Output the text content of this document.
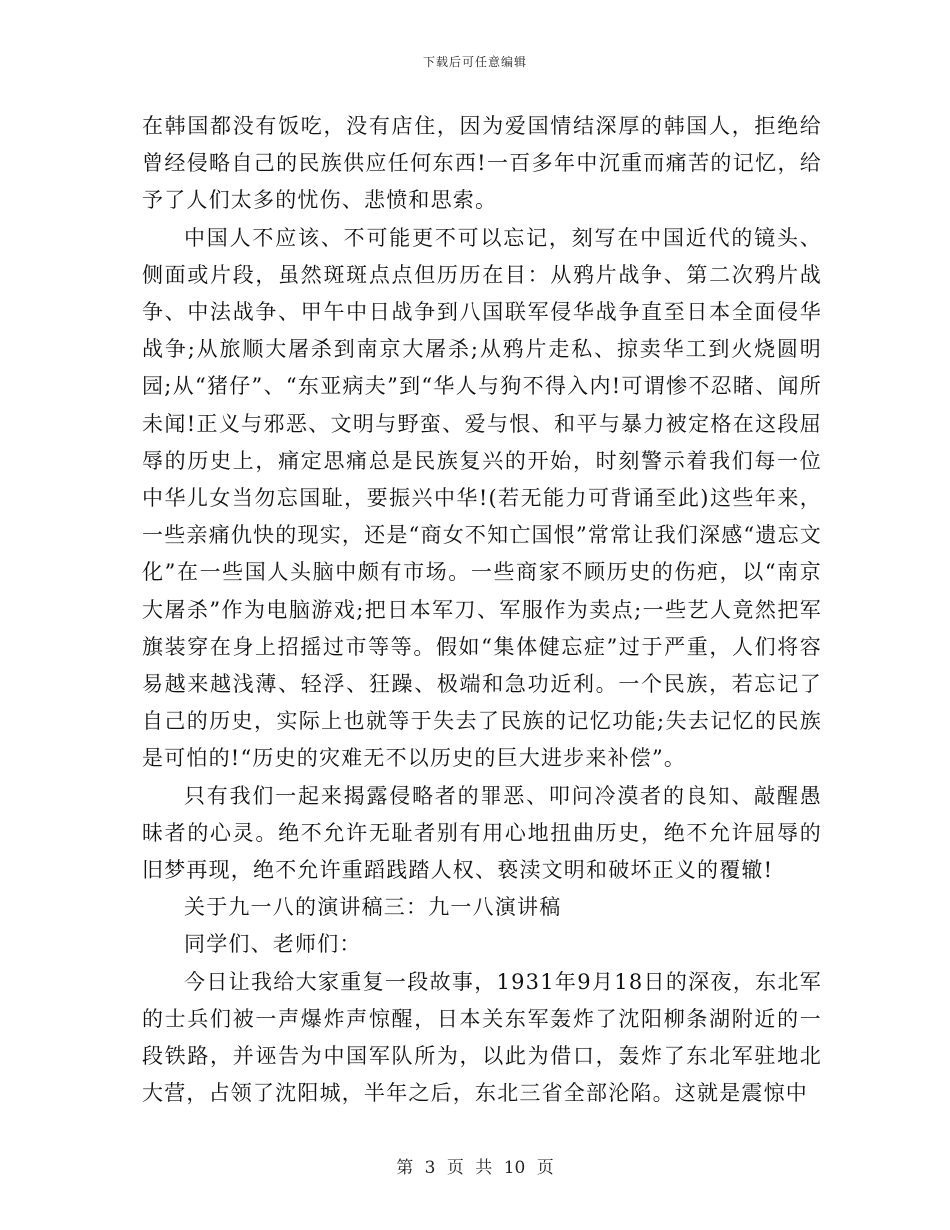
下载后可任意编辑

在韩国都没有饭吃，没有店住，因为爱国情结深厚的韩国人，拒绝给曾经侵略自己的民族供应任何东西!一百多年中沉重而痛苦的记忆，给予了人们太多的忧伤、悲愤和思索。

中国人不应该、不可能更不可以忘记，刻写在中国近代的镜头、侧面或片段，虽然斑斑点点但历历在目：从鸦片战争、第二次鸦片战争、中法战争、甲午中日战争到八国联军侵华战争直至日本全面侵华战争;从旅顺大屠杀到南京大屠杀;从鸦片走私、掠卖华工到火烧圆明园;从“猪仔”、“东亚病夫”到“华人与狗不得入内!可谓惨不忍睹、闻所未闻!正义与邪恶、文明与野蛮、爱与恨、和平与暴力被定格在这段屈辱的历史上，痛定思痛总是民族复兴的开始，时刻警示着我们每一位中华儿女当勿忘国耻，要振兴中华!(若无能力可背诵至此)这些年来，一些亲痛仇快的现实，还是“商女不知亡国恨”常常让我们深感“遗忘文化”在一些国人头脑中颇有市场。一些商家不顾历史的伤疤，以“南京大屠杀”作为电脑游戏;把日本军刀、军服作为卖点;一些艺人竟然把军旗装穿在身上招摇过市等等。假如“集体健忘症”过于严重，人们将容易越来越浅薄、轻浮、狂躁、极端和急功近利。一个民族，若忘记了自己的历史，实际上也就等于失去了民族的记忆功能;失去记忆的民族是可怕的!“历史的灾难无不以历史的巨大进步来补偿”。

只有我们一起来揭露侵略者的罪恶、叩问冷漠者的良知、敲醒愚昧者的心灵。绝不允许无耻者别有用心地扭曲历史，绝不允许屈辱的旧梦再现，绝不允许重蹈践踏人权、亵渎文明和破坏正义的覆辙!

关于九一八的演讲稿三：九一八演讲稿

同学们、老师们：

今日让我给大家重复一段故事，1931年9月18日的深夜，东北军的士兵们被一声爆炸声惊醒，日本关东军轰炸了沈阳柳条湖附近的一段铁路，并诬告为中国军队所为，以此为借口，轰炸了东北军驻地北大营，占领了沈阳城，半年之后，东北三省全部沦陷。这就是震惊中

第 3 页 共 10 页
